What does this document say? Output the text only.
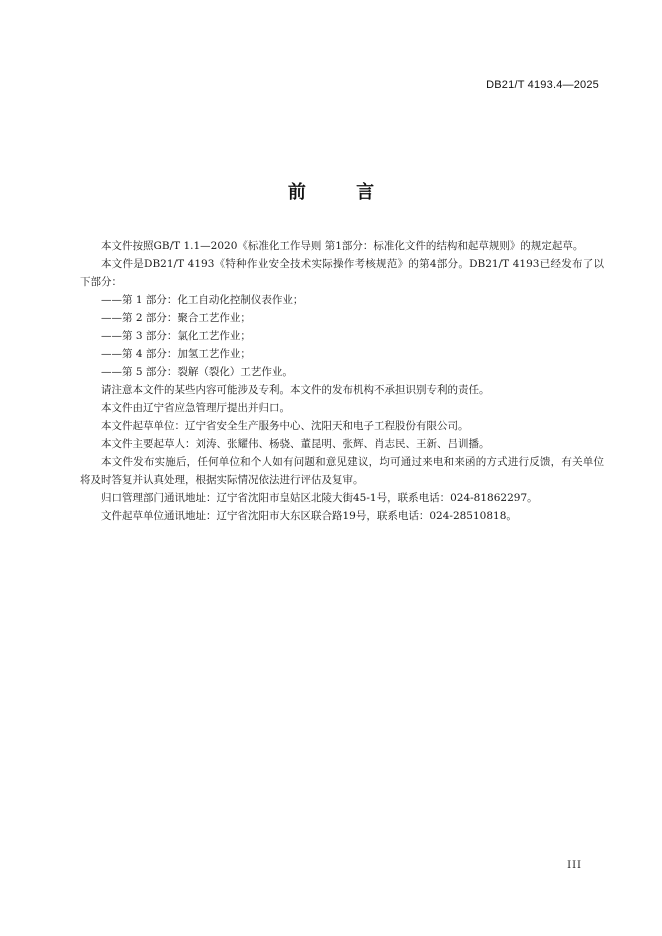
DB21/T 4193.4—2025
前 言

本文件按照GB/T 1.1—2020《标准化工作导则 第1部分：标准化文件的结构和起草规则》的规定起草。

本文件是DB21/T 4193《特种作业安全技术实际操作考核规范》的第4部分。DB21/T 4193已经发布了以下部分：

——第 1 部分：化工自动化控制仪表作业；

——第 2 部分：聚合工艺作业；

——第 3 部分：氯化工艺作业；

——第 4 部分：加氢工艺作业；

——第 5 部分：裂解（裂化）工艺作业。

请注意本文件的某些内容可能涉及专利。本文件的发布机构不承担识别专利的责任。

本文件由辽宁省应急管理厅提出并归口。

本文件起草单位：辽宁省安全生产服务中心、沈阳天和电子工程股份有限公司。

本文件主要起草人：刘涛、张耀伟、杨骁、董昆明、张辉、肖志民、王新、吕训播。

本文件发布实施后，任何单位和个人如有问题和意见建议，均可通过来电和来函的方式进行反馈，有关单位将及时答复并认真处理，根据实际情况依法进行评估及复审。

归口管理部门通讯地址：辽宁省沈阳市皇姑区北陵大街45-1号，联系电话：024-81862297。

文件起草单位通讯地址：辽宁省沈阳市大东区联合路19号，联系电话：024-28510818。

III
